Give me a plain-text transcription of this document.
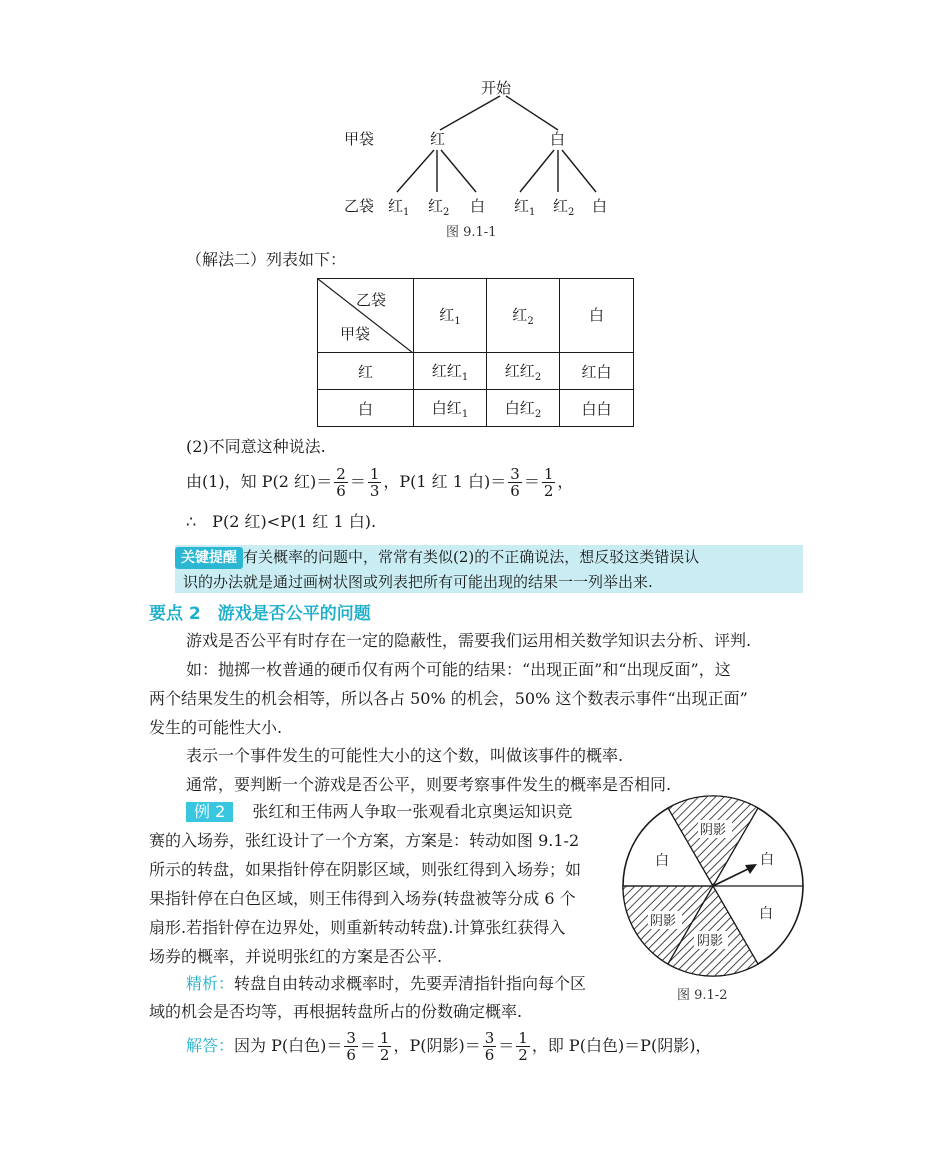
开始
甲袋
乙袋
红	白
红$_1$ 红$_2$ 白 红$_1$ 红$_2$ 白
图 9.1-1
（解法二）列表如下：
乙袋
甲袋	红$_1$	红$_2$	白
红	红红$_1$	红红$_2$	红白
白	白红$_1$	白红$_2$	白白
(2)不同意这种说法.
由(1)，知 P(2 红)＝ $\frac{2}{6} = \frac{1}{3}$ ，P(1 红 1 白)＝ $\frac{3}{6} = \frac{1}{2}$ ，
∴　P(2 红)<P(1 红 1 白).
关键提醒 有关概率的问题中，常常有类似(2)的不正确说法，想反驳这类错误认
识的办法就是通过画树状图或列表把所有可能出现的结果一一列举出来.
要点 2　游戏是否公平的问题
游戏是否公平有时存在一定的隐蔽性，需要我们运用相关数学知识去分析、评判.
如：抛掷一枚普通的硬币仅有两个可能的结果：“出现正面”和“出现反面”，这
两个结果发生的机会相等，所以各占 50% 的机会，50% 这个数表示事件“出现正面”
发生的可能性大小.
表示一个事件发生的可能性大小的这个数，叫做该事件的概率.
通常，要判断一个游戏是否公平，则要考察事件发生的概率是否相同.
例 2 张红和王伟两人争取一张观看北京奥运知识竞
赛的入场券，张红设计了一个方案，方案是：转动如图 9.1-2
所示的转盘，如果指针停在阴影区域，则张红得到入场券；如
果指针停在白色区域，则王伟得到入场券(转盘被等分成 6 个
扇形.若指针停在边界处，则重新转动转盘).计算张红获得入
场券的概率，并说明张红的方案是否公平.
精析：转盘自由转动求概率时，先要弄清指针指向每个区
域的机会是否均等，再根据转盘所占的份数确定概率.
解答：因为 P(白色)＝ $\frac{3}{6} = \frac{1}{2}$ ，P(阴影)＝ $\frac{3}{6} = \frac{1}{2}$ ，即 P(白色)＝P(阴影)，
阴影
白	白
白
阴影
阴影
图 9.1-2
